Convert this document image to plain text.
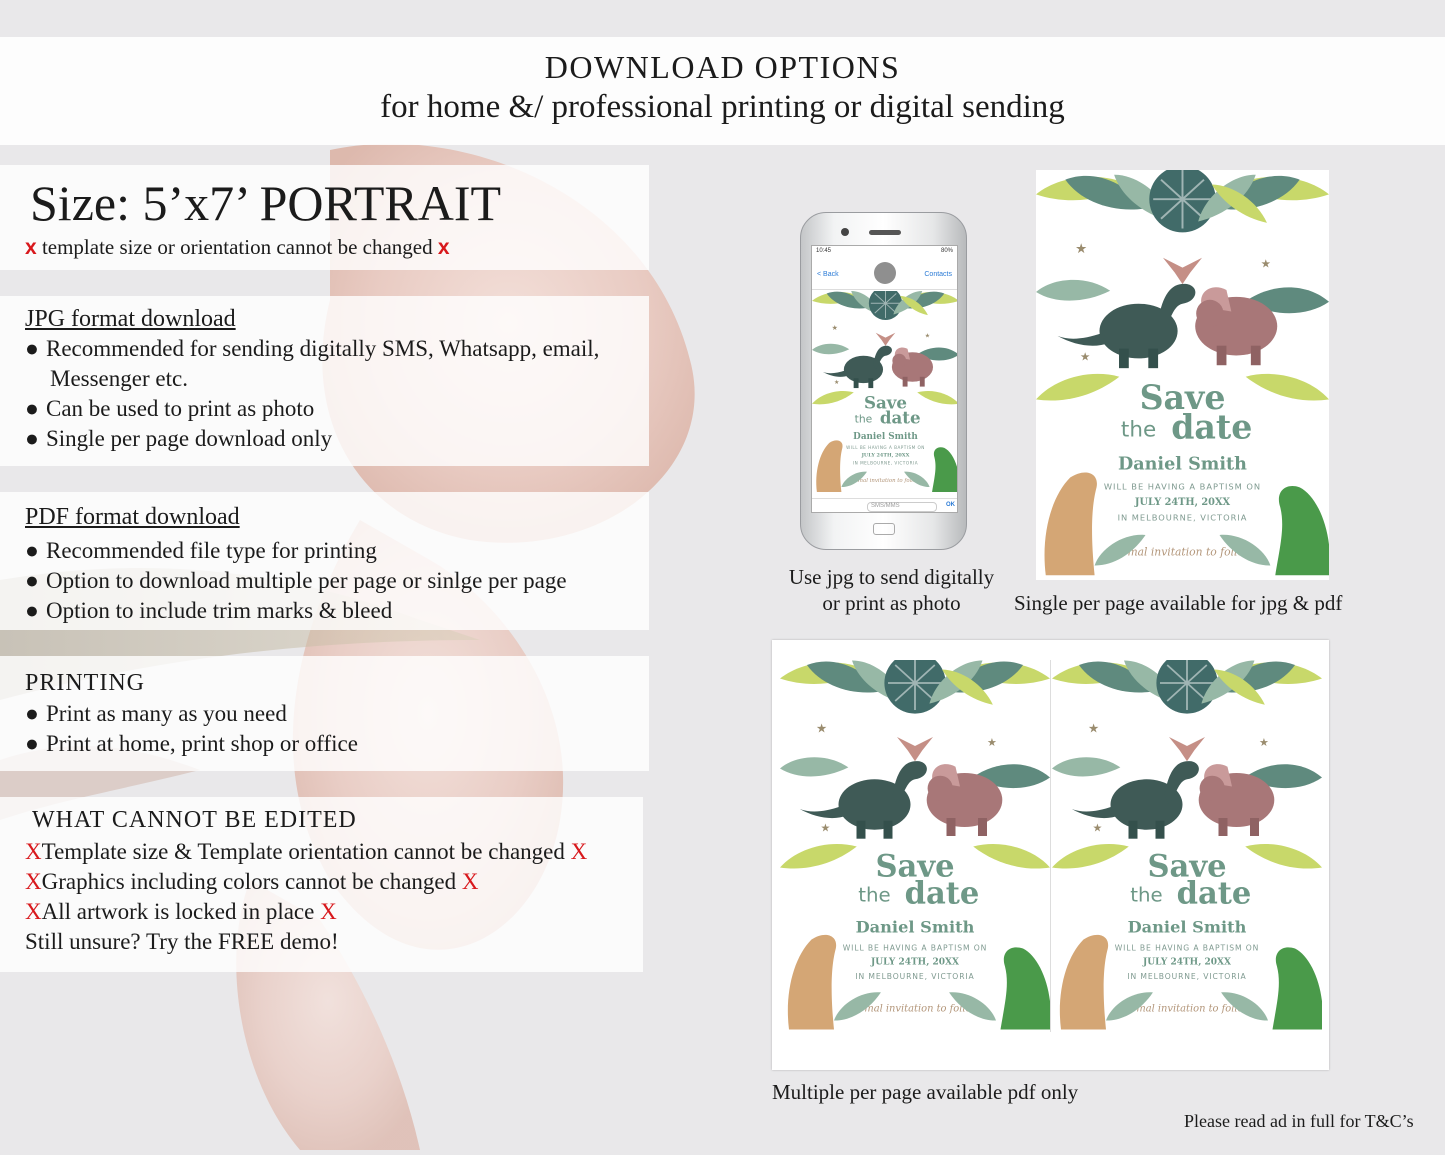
DOWNLOAD OPTIONS
for home &/ professional printing or digital sending
Size: 5’x7’ PORTRAIT
x template size or orientation cannot be changed x
JPG format download
● Recommended for sending digitally SMS, Whatsapp, email,
Messenger etc.
● Can be used to print as photo
● Single per page download only
PDF format download
● Recommended file type for printing
● Option to download multiple per page or sinlge per page
● Option to include trim marks & bleed
PRINTING
● Print as many as you need
● Print at home, print shop or office
WHAT CANNOT BE EDITED
XTemplate size & Template orientation cannot be changed X
XGraphics including colors cannot be changed X
XAll artwork is locked in place X
Still unsure? Try the FREE demo!
10:45	80%
< Back	Contacts
SMS/MMS	OK
Use jpg to send digitally
or print as photo	Single per page available for jpg & pdf
Multiple per page available pdf only
Please read ad in full for T&C’s
